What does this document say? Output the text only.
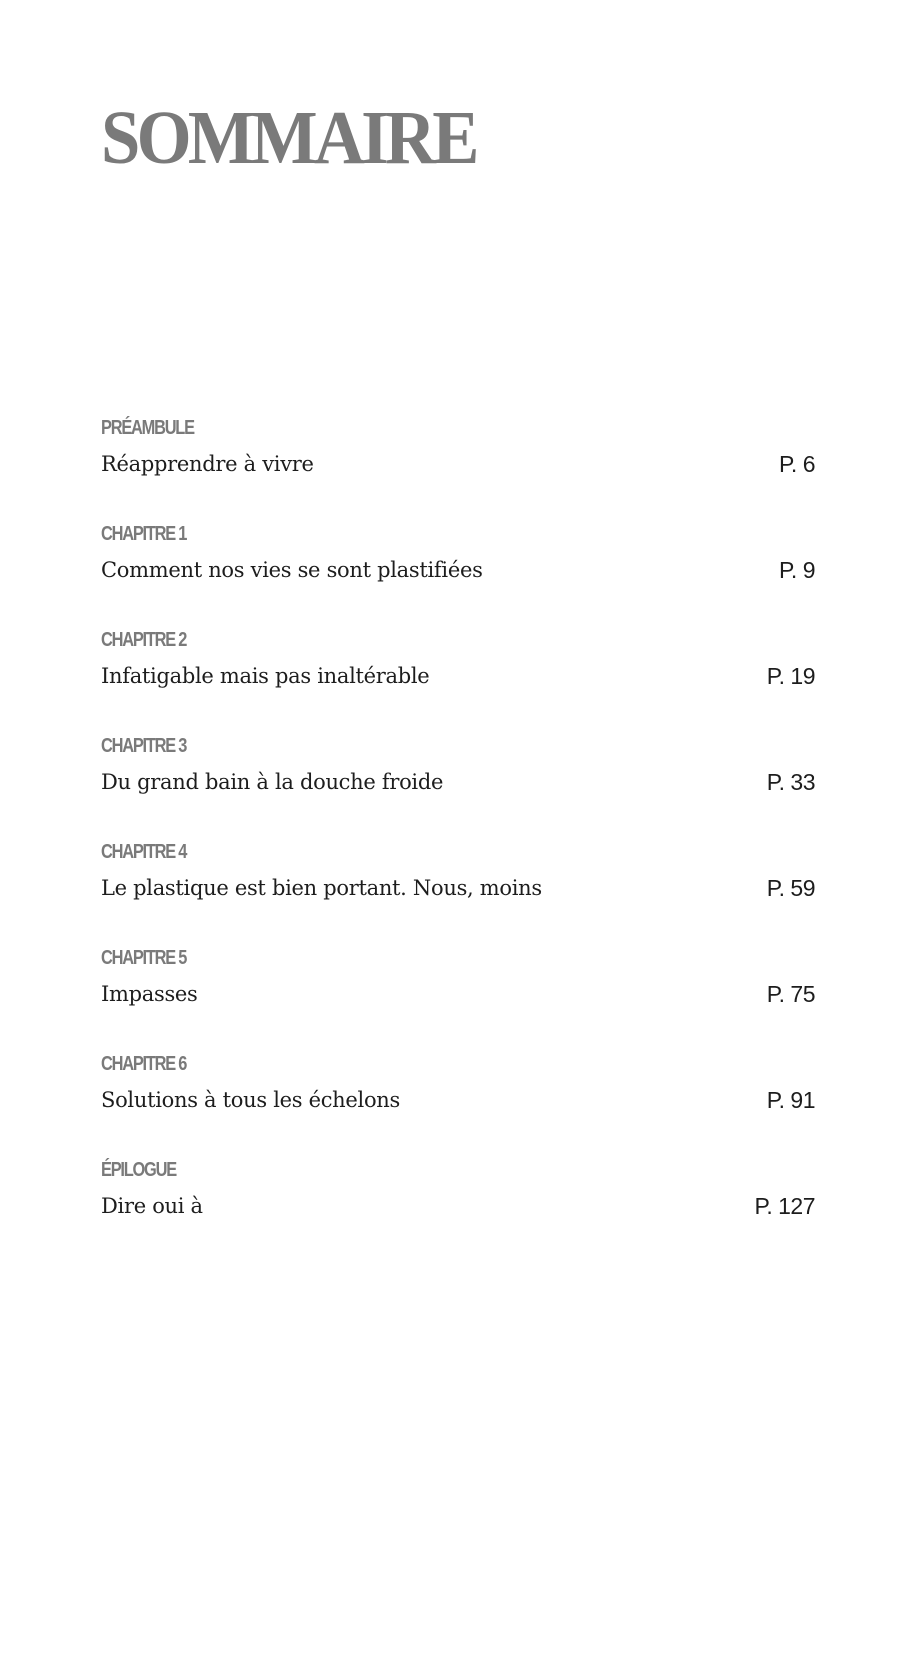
SOMMAIRE
PRÉAMBULE
Réapprendre à vivre	P. 6
CHAPITRE 1
Comment nos vies se sont plastifiées	P. 9
CHAPITRE 2
Infatigable mais pas inaltérable	P. 19
CHAPITRE 3
Du grand bain à la douche froide	P. 33
CHAPITRE 4
Le plastique est bien portant. Nous, moins	P. 59
CHAPITRE 5
Impasses	P. 75
CHAPITRE 6
Solutions à tous les échelons	P. 91
ÉPILOGUE
Dire oui à	P. 127
